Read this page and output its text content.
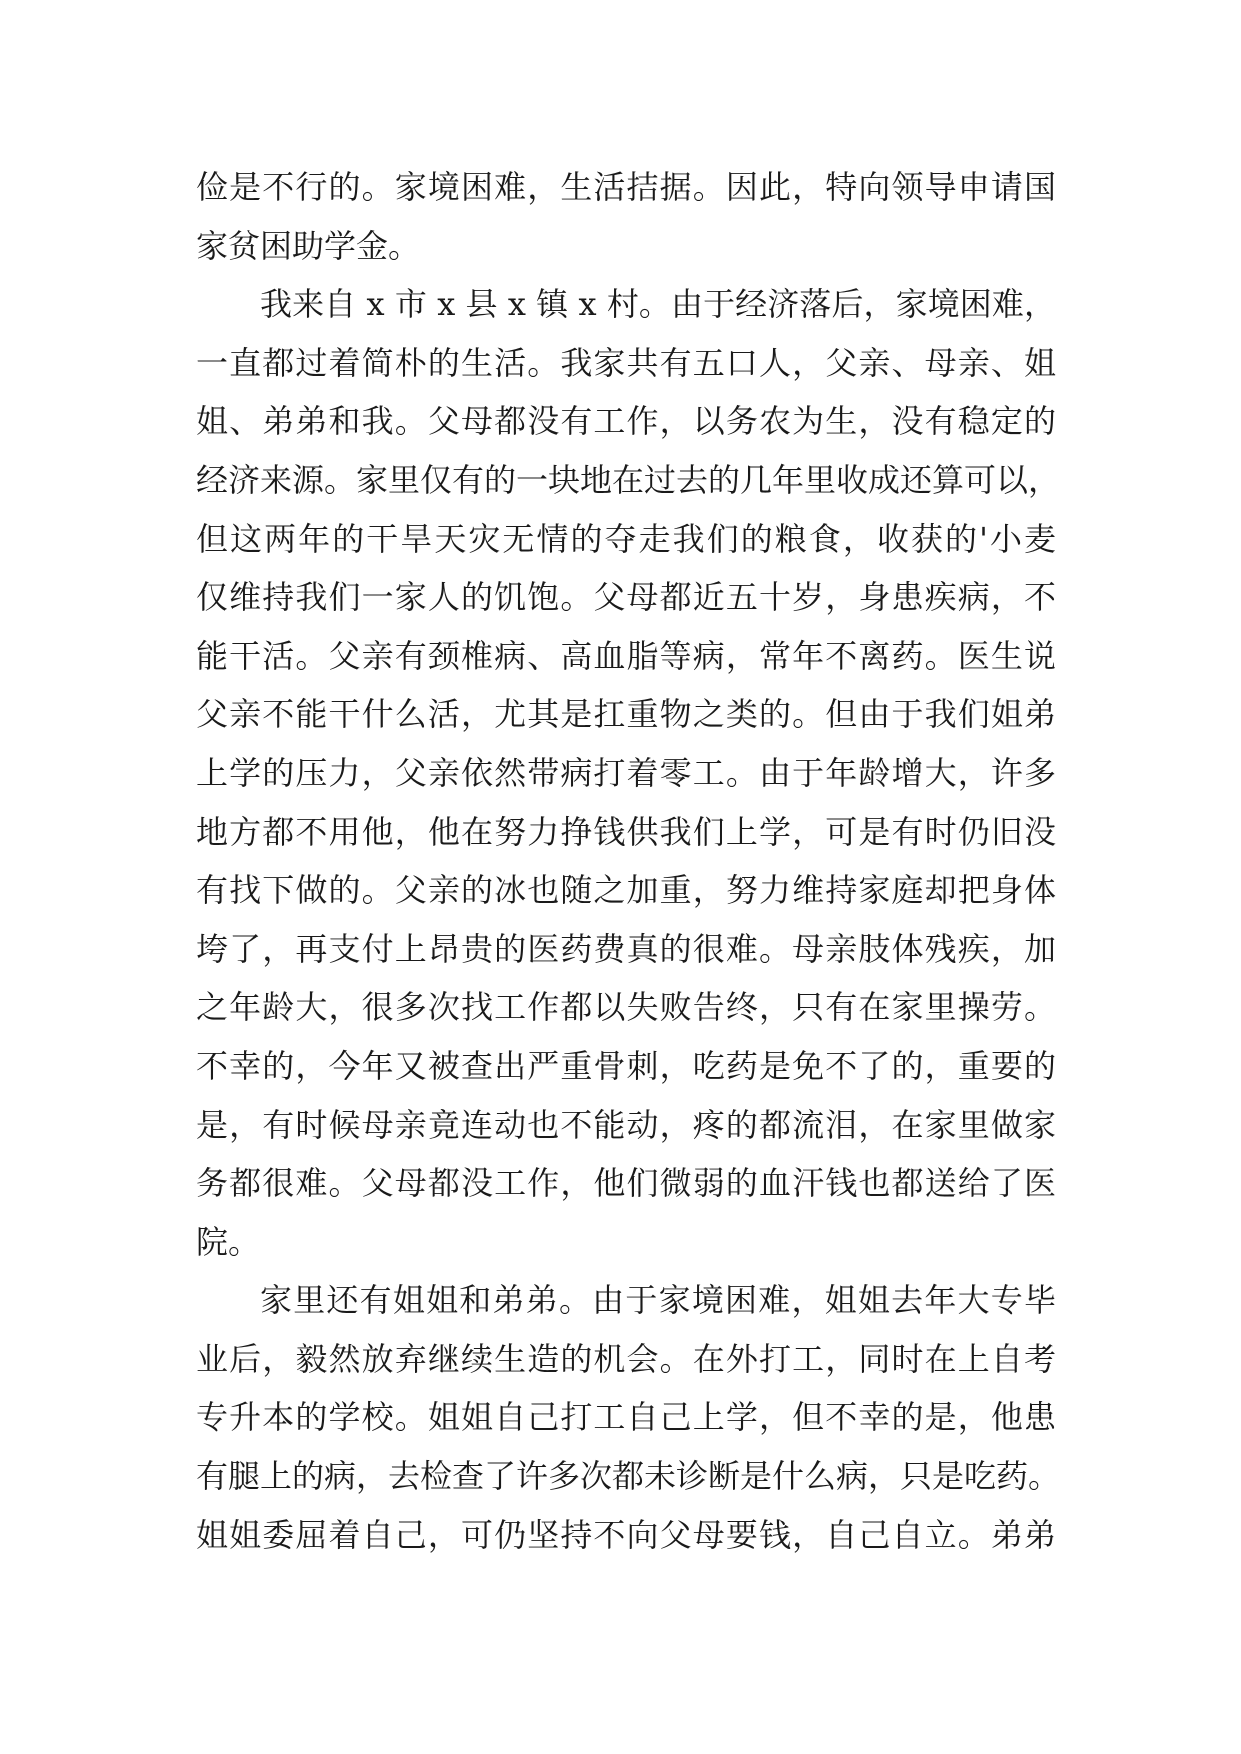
俭是不行的。家境困难，生活拮据。因此，特向领导申请国
家贫困助学金。
我来自 x 市 x 县 x 镇 x 村。由于经济落后，家境困难，
一直都过着简朴的生活。我家共有五口人，父亲、母亲、姐
姐、弟弟和我。父母都没有工作，以务农为生，没有稳定的
经济来源。家里仅有的一块地在过去的几年里收成还算可以，
但这两年的干旱天灾无情的夺走我们的粮食，收获的'小麦
仅维持我们一家人的饥饱。父母都近五十岁，身患疾病，不
能干活。父亲有颈椎病、高血脂等病，常年不离药。医生说
父亲不能干什么活，尤其是扛重物之类的。但由于我们姐弟
上学的压力，父亲依然带病打着零工。由于年龄增大，许多
地方都不用他，他在努力挣钱供我们上学，可是有时仍旧没
有找下做的。父亲的冰也随之加重，努力维持家庭却把身体
垮了，再支付上昂贵的医药费真的很难。母亲肢体残疾，加
之年龄大，很多次找工作都以失败告终，只有在家里操劳。
不幸的，今年又被查出严重骨刺，吃药是免不了的，重要的
是，有时候母亲竟连动也不能动，疼的都流泪，在家里做家
务都很难。父母都没工作，他们微弱的血汗钱也都送给了医
院。
家里还有姐姐和弟弟。由于家境困难，姐姐去年大专毕
业后，毅然放弃继续生造的机会。在外打工，同时在上自考
专升本的学校。姐姐自己打工自己上学，但不幸的是，他患
有腿上的病，去检查了许多次都未诊断是什么病，只是吃药。
姐姐委屈着自己，可仍坚持不向父母要钱，自己自立。弟弟
